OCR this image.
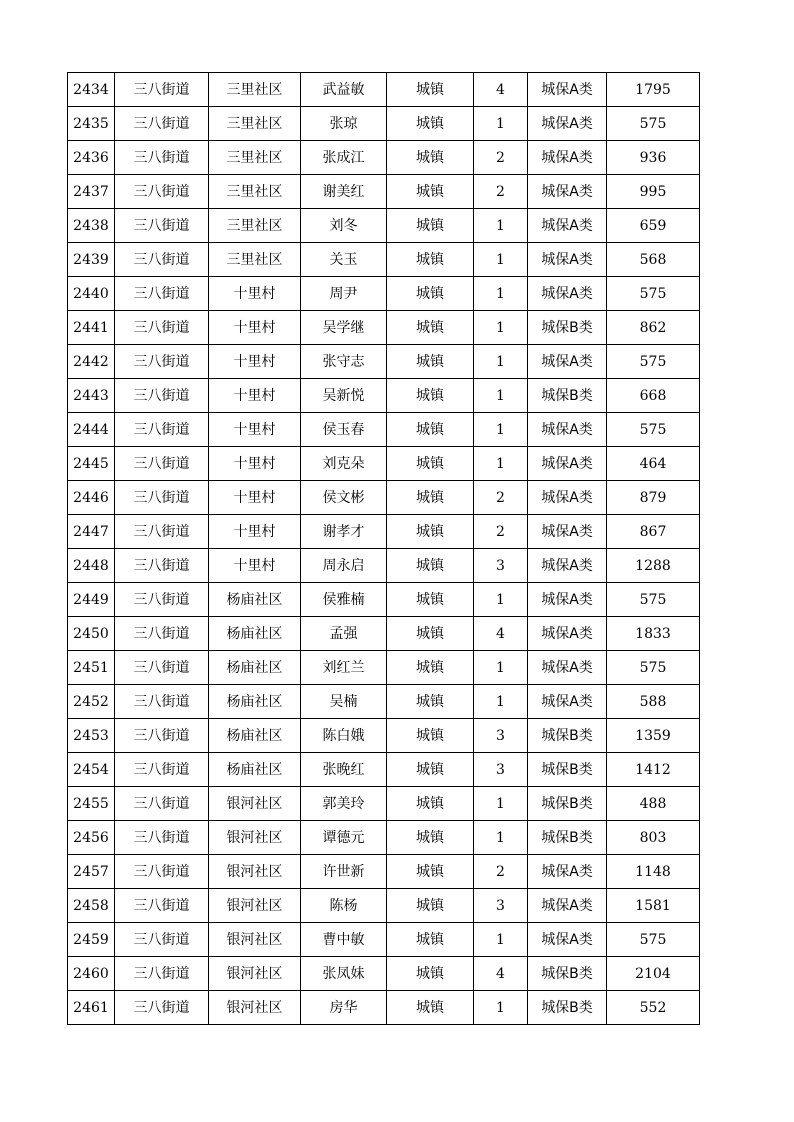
2434	三八街道	三里社区	武益敏	城镇	4	城保A类	1795
2435	三八街道	三里社区	张琼	城镇	1	城保A类	575
2436	三八街道	三里社区	张成江	城镇	2	城保A类	936
2437	三八街道	三里社区	谢美红	城镇	2	城保A类	995
2438	三八街道	三里社区	刘冬	城镇	1	城保A类	659
2439	三八街道	三里社区	关玉	城镇	1	城保A类	568
2440	三八街道	十里村	周尹	城镇	1	城保A类	575
2441	三八街道	十里村	吴学继	城镇	1	城保B类	862
2442	三八街道	十里村	张守志	城镇	1	城保A类	575
2443	三八街道	十里村	吴新悦	城镇	1	城保B类	668
2444	三八街道	十里村	侯玉春	城镇	1	城保A类	575
2445	三八街道	十里村	刘克朵	城镇	1	城保A类	464
2446	三八街道	十里村	侯文彬	城镇	2	城保A类	879
2447	三八街道	十里村	谢孝才	城镇	2	城保A类	867
2448	三八街道	十里村	周永启	城镇	3	城保A类	1288
2449	三八街道	杨庙社区	侯雅楠	城镇	1	城保A类	575
2450	三八街道	杨庙社区	孟强	城镇	4	城保A类	1833
2451	三八街道	杨庙社区	刘红兰	城镇	1	城保A类	575
2452	三八街道	杨庙社区	吴楠	城镇	1	城保A类	588
2453	三八街道	杨庙社区	陈白娥	城镇	3	城保B类	1359
2454	三八街道	杨庙社区	张晚红	城镇	3	城保B类	1412
2455	三八街道	银河社区	郭美玲	城镇	1	城保B类	488
2456	三八街道	银河社区	谭德元	城镇	1	城保B类	803
2457	三八街道	银河社区	许世新	城镇	2	城保A类	1148
2458	三八街道	银河社区	陈杨	城镇	3	城保A类	1581
2459	三八街道	银河社区	曹中敏	城镇	1	城保A类	575
2460	三八街道	银河社区	张凤妹	城镇	4	城保B类	2104
2461	三八街道	银河社区	房华	城镇	1	城保B类	552
